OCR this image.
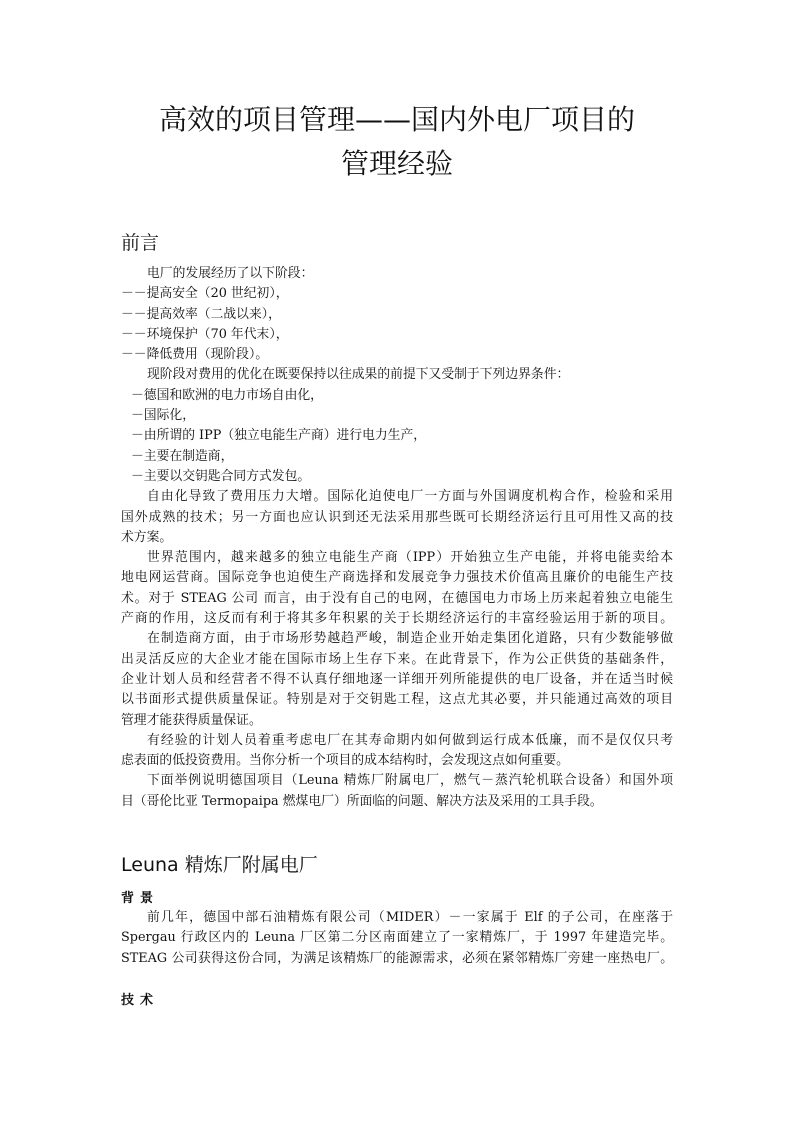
高效的项目管理——国内外电厂项目的
管理经验
前言
电厂的发展经历了以下阶段：
－－提高安全（20 世纪初），
－－提高效率（二战以来），
－－环境保护（70 年代末），
－－降低费用（现阶段）。
现阶段对费用的优化在既要保持以往成果的前提下又受制于下列边界条件：
－德国和欧洲的电力市场自由化，
－国际化，
－由所谓的 IPP（独立电能生产商）进行电力生产，
－主要在制造商，
－主要以交钥匙合同方式发包。
自由化导致了费用压力大增。国际化迫使电厂一方面与外国调度机构合作，检验和采用
国外成熟的技术；另一方面也应认识到还无法采用那些既可长期经济运行且可用性又高的技
术方案。
世界范围内，越来越多的独立电能生产商（IPP）开始独立生产电能，并将电能卖给本
地电网运营商。国际竞争也迫使生产商选择和发展竞争力强技术价值高且廉价的电能生产技
术。对于 STEAG 公司 而言，由于没有自己的电网，在德国电力市场上历来起着独立电能生
产商的作用，这反而有利于将其多年积累的关于长期经济运行的丰富经验运用于新的项目。
在制造商方面，由于市场形势越趋严峻，制造企业开始走集团化道路，只有少数能够做
出灵活反应的大企业才能在国际市场上生存下来。在此背景下，作为公正供货的基础条件，
企业计划人员和经营者不得不认真仔细地逐一详细开列所能提供的电厂设备，并在适当时候
以书面形式提供质量保证。特别是对于交钥匙工程，这点尤其必要，并只能通过高效的项目
管理才能获得质量保证。
有经验的计划人员着重考虑电厂在其寿命期内如何做到运行成本低廉，而不是仅仅只考
虑表面的低投资费用。当你分析一个项目的成本结构时，会发现这点如何重要。
下面举例说明德国项目（Leuna 精炼厂附属电厂，燃气－蒸汽轮机联合设备）和国外项
目（哥伦比亚 Termopaipa 燃煤电厂）所面临的问题、解决方法及采用的工具手段。
Leuna 精炼厂附属电厂
背景
前几年，德国中部石油精炼有限公司（MIDER）－一家属于 Elf 的子公司，在座落于
Spergau 行政区内的 Leuna 厂区第二分区南面建立了一家精炼厂，于 1997 年建造完毕。
STEAG 公司获得这份合同，为满足该精炼厂的能源需求，必须在紧邻精炼厂旁建一座热电厂。
技术
